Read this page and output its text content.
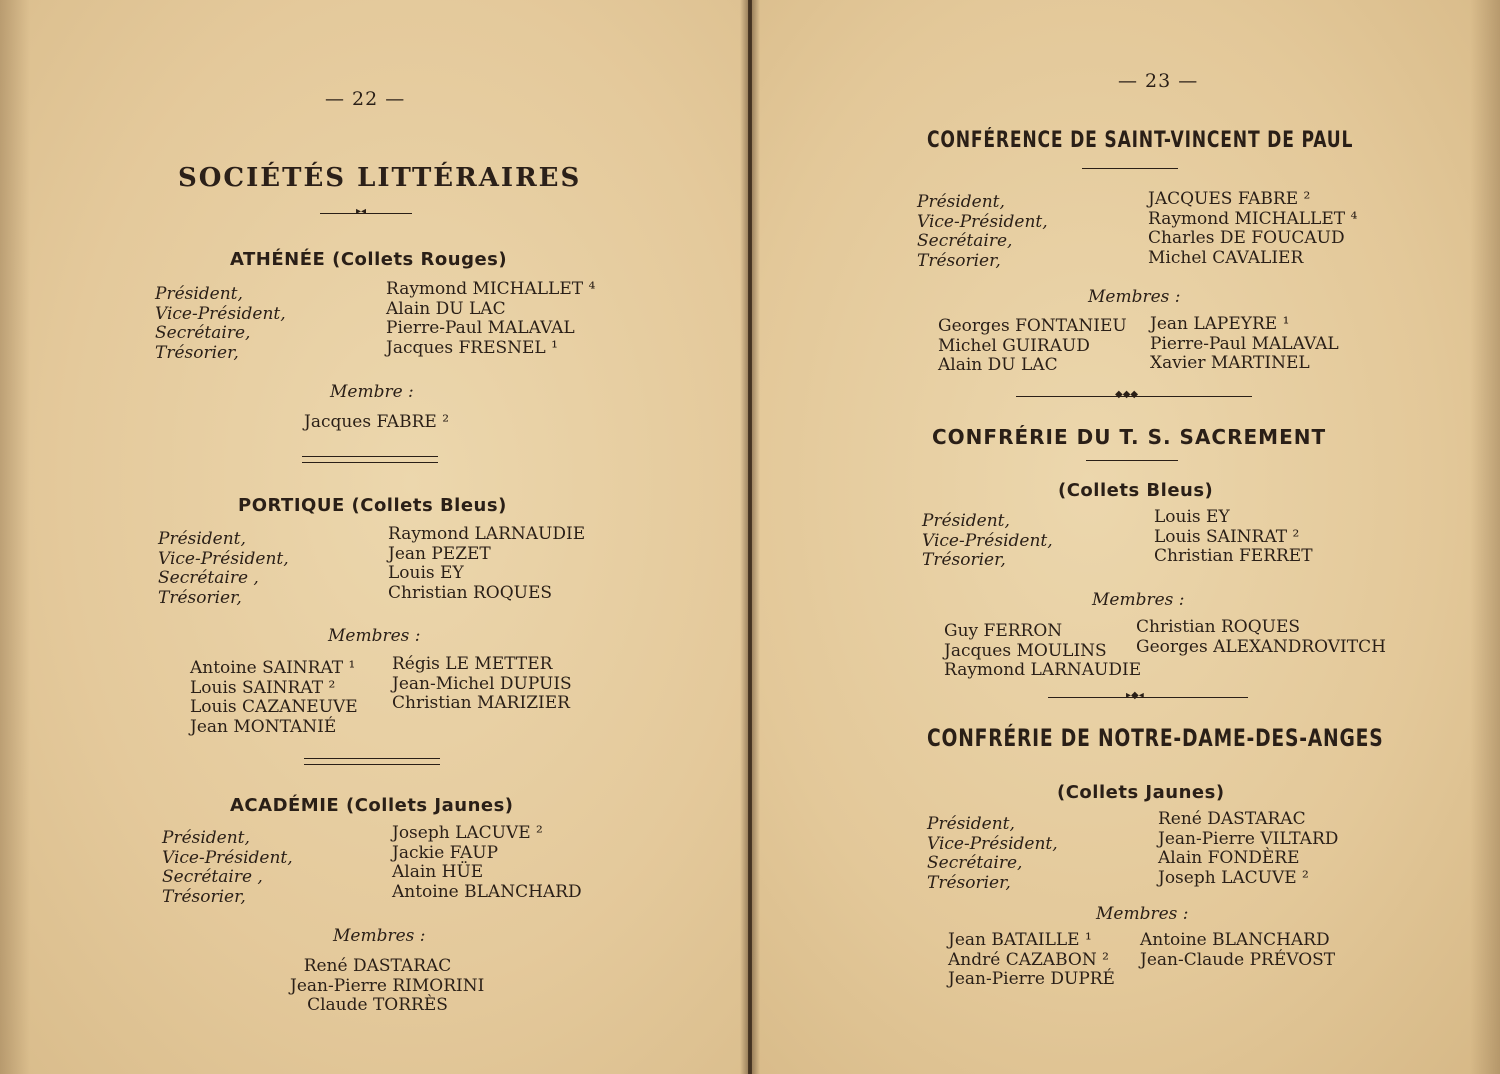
— 22 —
SOCIÉTÉS LITTÉRAIRES
▸◂
ATHÉNÉE (Collets Rouges)
Président,
Vice-Président,
Secrétaire,
Trésorier,
Raymond MICHALLET ⁴
Alain DU LAC
Pierre-Paul MALAVAL
Jacques FRESNEL ¹
Membre :
Jacques FABRE ²
PORTIQUE (Collets Bleus)
Président,
Vice-Président,
Secrétaire ,
Trésorier,
Raymond LARNAUDIE
Jean PEZET
Louis EY
Christian ROQUES
Membres :
Antoine SAINRAT ¹
Louis SAINRAT ²
Louis CAZANEUVE
Jean MONTANIÉ
Régis LE METTER
Jean-Michel DUPUIS
Christian MARIZIER
ACADÉMIE (Collets Jaunes)
Président,
Vice-Président,
Secrétaire ,
Trésorier,
Joseph LACUVE ²
Jackie FAUP
Alain HÜE
Antoine BLANCHARD
Membres :
René DASTARAC
Jean-Pierre RIMORINI
Claude TORRÈS
— 23 —
CONFÉRENCE DE SAINT-VINCENT DE PAUL
Président,
Vice-Président,
Secrétaire,
Trésorier,
JACQUES FABRE ²
Raymond MICHALLET ⁴
Charles DE FOUCAUD
Michel CAVALIER
Membres :
Georges FONTANIEU
Michel GUIRAUD
Alain DU LAC
Jean LAPEYRE ¹
Pierre-Paul MALAVAL
Xavier MARTINEL
◆◆◆
CONFRÉRIE DU T. S. SACREMENT
(Collets Bleus)
Président,
Vice-Président,
Trésorier,
Louis EY
Louis SAINRAT ²
Christian FERRET
Membres :
Guy FERRON
Jacques MOULINS
Raymond LARNAUDIE
Christian ROQUES
Georges ALEXANDROVITCH
▸◆◂
CONFRÉRIE DE NOTRE-DAME-DES-ANGES
(Collets Jaunes)
Président,
Vice-Président,
Secrétaire,
Trésorier,
René DASTARAC
Jean-Pierre VILTARD
Alain FONDÈRE
Joseph LACUVE ²
Membres :
Jean BATAILLE ¹
André CAZABON ²
Jean-Pierre DUPRÉ
Antoine BLANCHARD
Jean-Claude PRÉVOST
